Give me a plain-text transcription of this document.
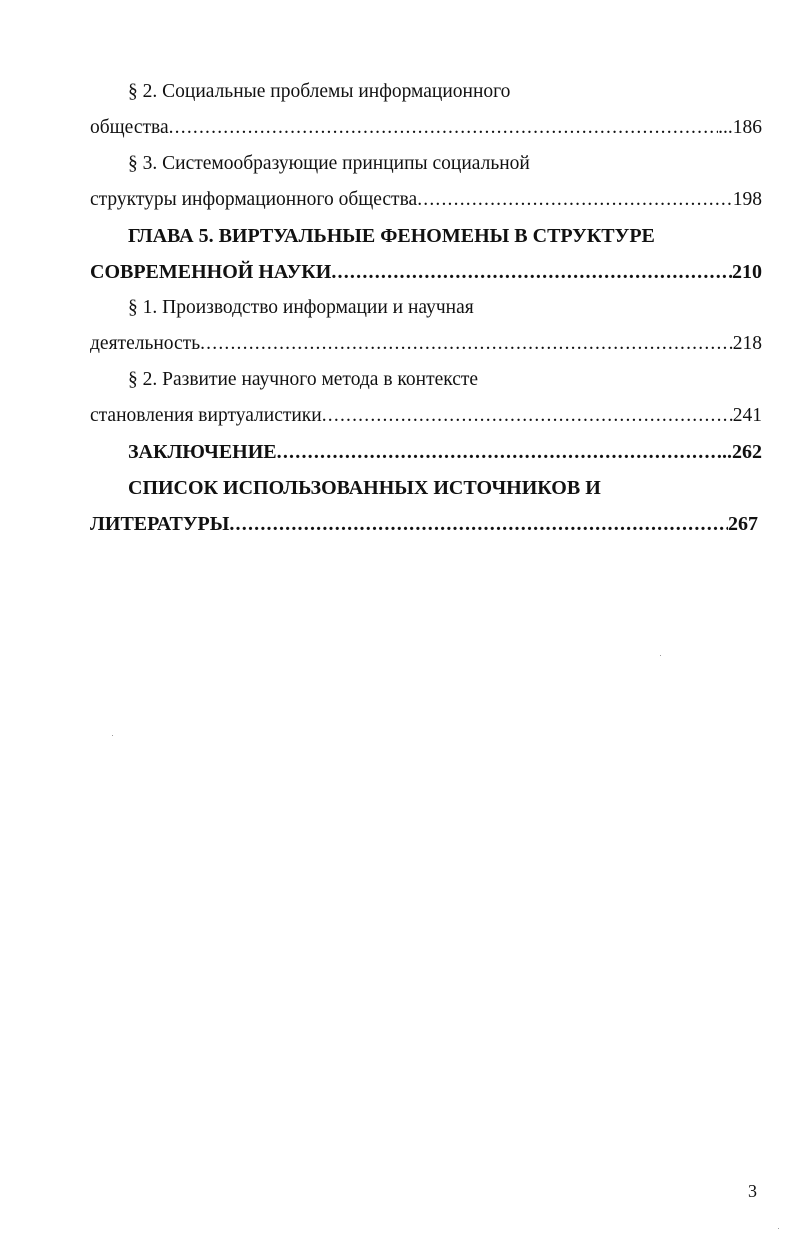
§ 2. Социальные проблемы информационного
общества .....	...186
§ 3. Системообразующие принципы социальной
структуры информационного общества .....	198
ГЛАВА 5. ВИРТУАЛЬНЫЕ ФЕНОМЕНЫ В СТРУКТУРЕ
СОВРЕМЕННОЙ НАУКИ .....	210
§ 1. Производство информации и научная
деятельность .....	218
§ 2. Развитие научного метода в контексте
становления виртуалистики .....	241
ЗАКЛЮЧЕНИЕ .....	..262
СПИСОК ИСПОЛЬЗОВАННЫХ ИСТОЧНИКОВ И
ЛИТЕРАТУРЫ .....	267
3
